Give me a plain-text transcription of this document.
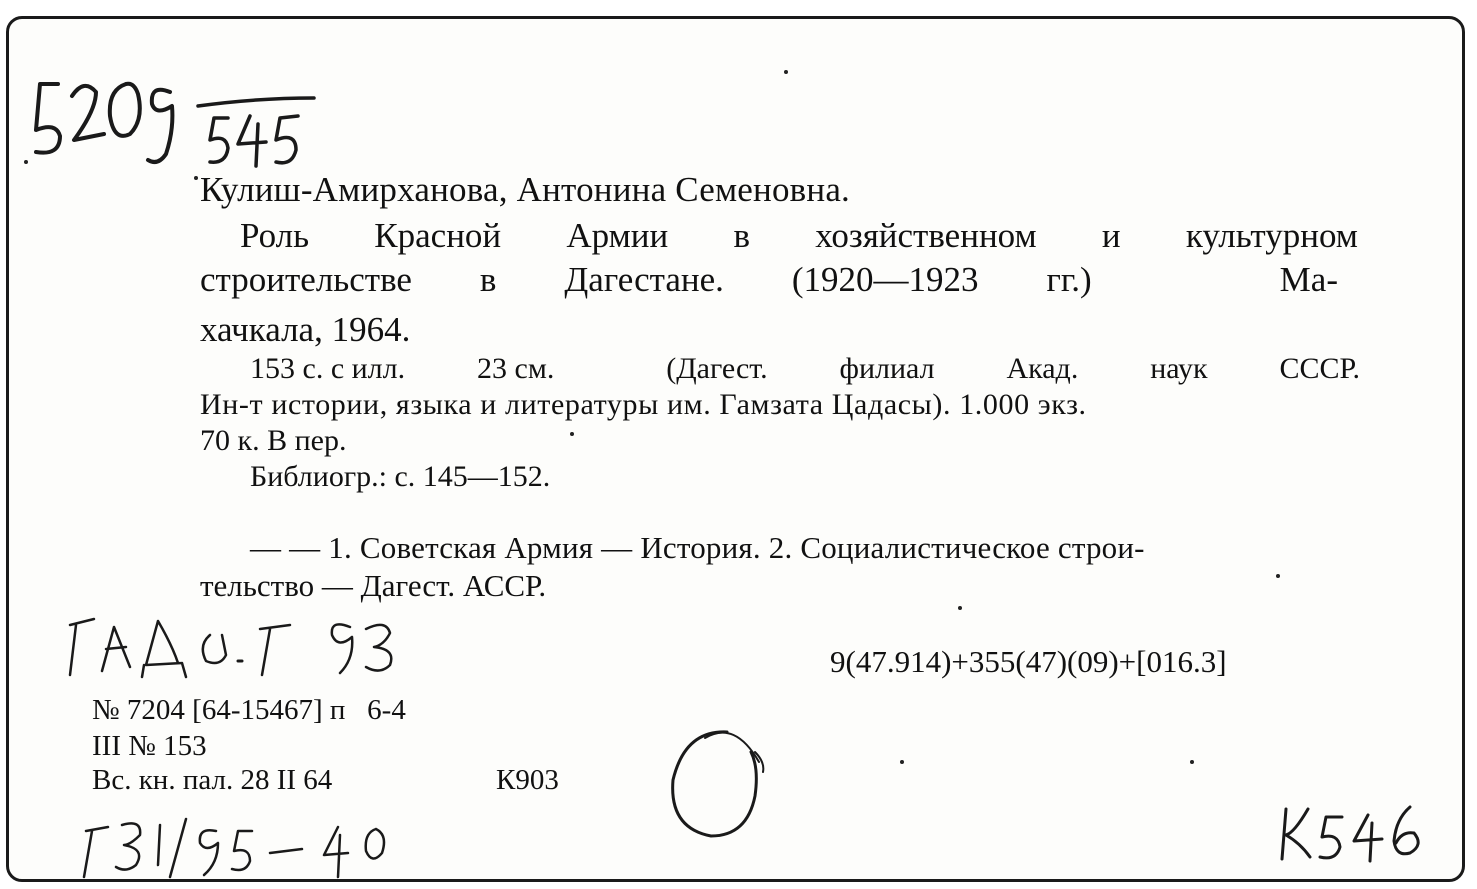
Кулиш-Амирханова, Антонина Семеновна.
Роль Красной Армии в хозяйственном и культурном
строительстве в Дагестане. (1920—1923 гг.)	Ма-
хачкала, 1964.
153 с. с илл. 23 см.	(Дагест. филиал Акад. наук СССР.
Ин-т истории, языка и литературы им. Гамзата Цадасы). 1.000 экз.
70 к. В пер.
Библиогр.: с. 145—152.
— — 1. Советская Армия — История. 2. Социалистическое строи-
тельство — Дагест. АССР.
9(47.914)+355(47)(09)+[016.3]
№ 7204 [64-15467] п   6-4
III № 153
Вс. кн. пал. 28 II 64	К903
